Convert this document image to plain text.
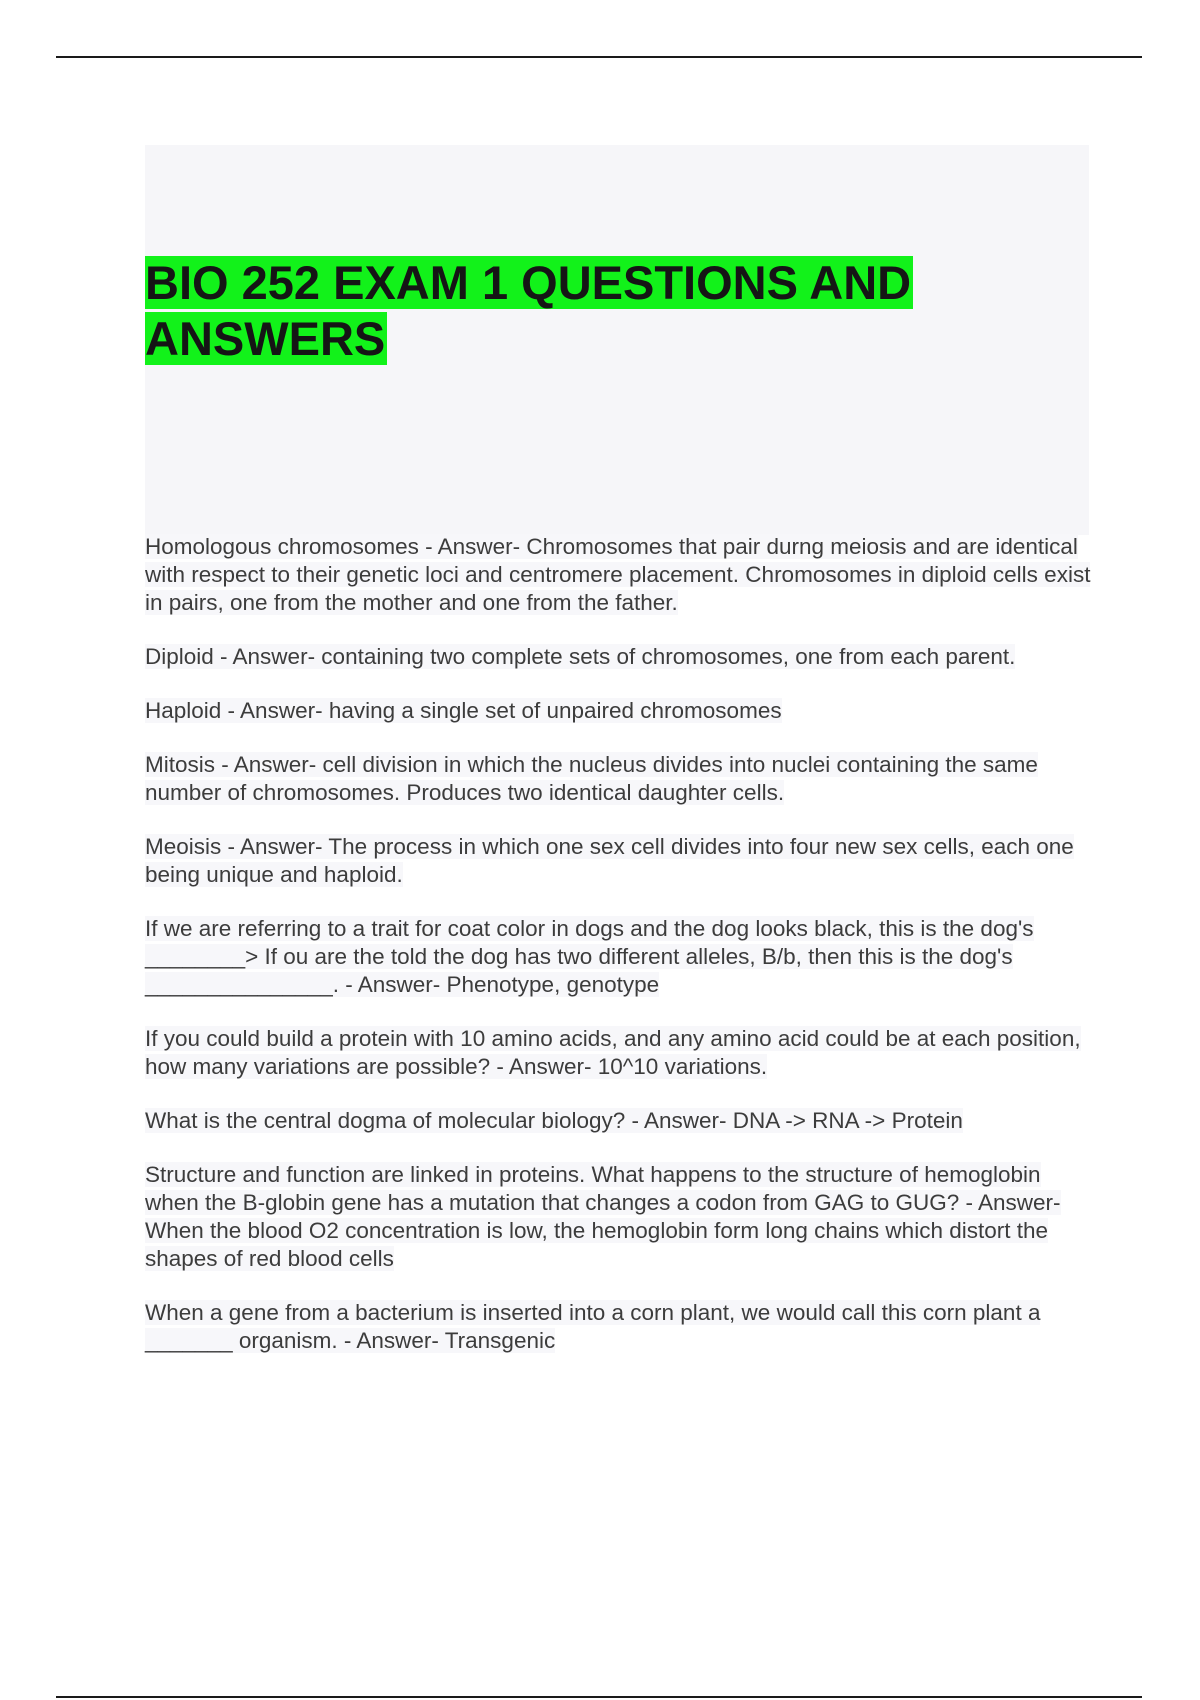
BIO 252 EXAM 1 QUESTIONS AND ANSWERS
Homologous chromosomes - Answer- Chromosomes that pair durng meiosis and are identical with respect to their genetic loci and centromere placement. Chromosomes in diploid cells exist in pairs, one from the mother and one from the father.
Diploid - Answer- containing two complete sets of chromosomes, one from each parent.
Haploid - Answer- having a single set of unpaired chromosomes
Mitosis - Answer- cell division in which the nucleus divides into nuclei containing the same number of chromosomes. Produces two identical daughter cells.
Meoisis - Answer- The process in which one sex cell divides into four new sex cells, each one being unique and haploid.
If we are referring to a trait for coat color in dogs and the dog looks black, this is the dog's ________> If ou are the told the dog has two different alleles, B/b, then this is the dog's _______________. - Answer- Phenotype, genotype
If you could build a protein with 10 amino acids, and any amino acid could be at each position, how many variations are possible? - Answer- 10^10 variations.
What is the central dogma of molecular biology? - Answer- DNA -> RNA -> Protein
Structure and function are linked in proteins. What happens to the structure of hemoglobin when the B-globin gene has a mutation that changes a codon from GAG to GUG? - Answer- When the blood O2 concentration is low, the hemoglobin form long chains which distort the shapes of red blood cells
When a gene from a bacterium is inserted into a corn plant, we would call this corn plant a _______ organism. - Answer- Transgenic
